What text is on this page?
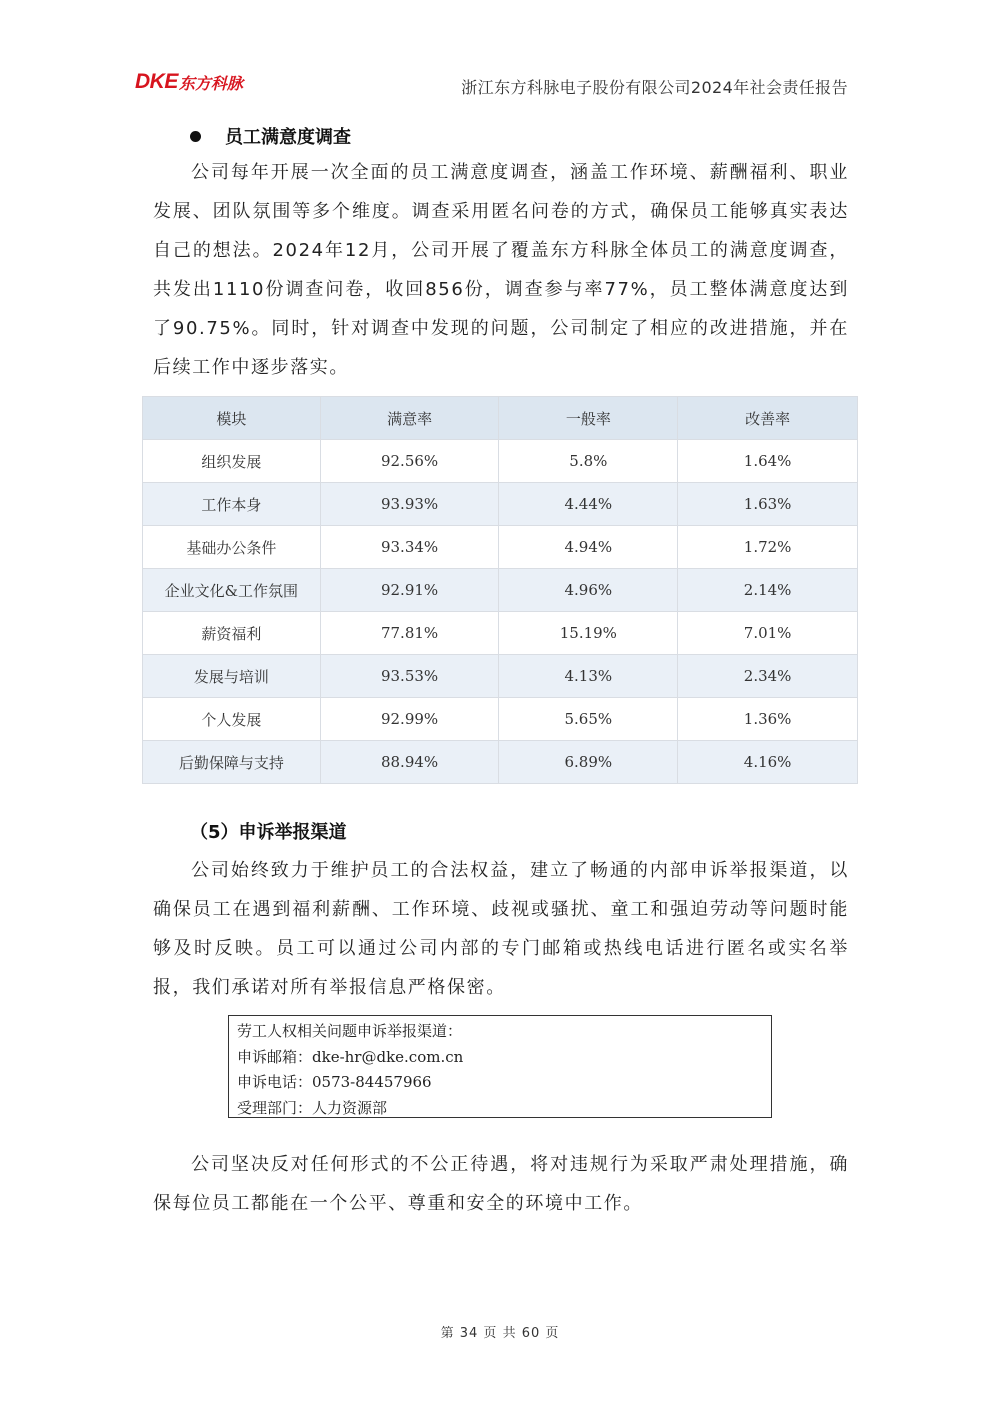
DKE 东方科脉	浙江东方科脉电子股份有限公司2024年社会责任报告
员工满意度调查

公司每年开展一次全面的员工满意度调查，涵盖工作环境、薪酬福利、职业发展、团队氛围等多个维度。调查采用匿名问卷的方式，确保员工能够真实表达自己的想法。2024年12月，公司开展了覆盖东方科脉全体员工的满意度调查，共发出1110份调查问卷，收回856份，调查参与率77%，员工整体满意度达到了90.75%。同时，针对调查中发现的问题，公司制定了相应的改进措施，并在后续工作中逐步落实。

模块	满意率	一般率	改善率
组织发展	92.56%	5.8%	1.64%
工作本身	93.93%	4.44%	1.63%
基础办公条件	93.34%	4.94%	1.72%
企业文化&工作氛围	92.91%	4.96%	2.14%
薪资福利	77.81%	15.19%	7.01%
发展与培训	93.53%	4.13%	2.34%
个人发展	92.99%	5.65%	1.36%
后勤保障与支持	88.94%	6.89%	4.16%
（5）申诉举报渠道

公司始终致力于维护员工的合法权益，建立了畅通的内部申诉举报渠道，以确保员工在遇到福利薪酬、工作环境、歧视或骚扰、童工和强迫劳动等问题时能够及时反映。员工可以通过公司内部的专门邮箱或热线电话进行匿名或实名举报，我们承诺对所有举报信息严格保密。

劳工人权相关问题申诉举报渠道：
申诉邮箱：dke-hr@dke.com.cn
申诉电话：0573-84457966
受理部门：人力资源部

公司坚决反对任何形式的不公正待遇，将对违规行为采取严肃处理措施，确保每位员工都能在一个公平、尊重和安全的环境中工作。

第 34 页 共 60 页
